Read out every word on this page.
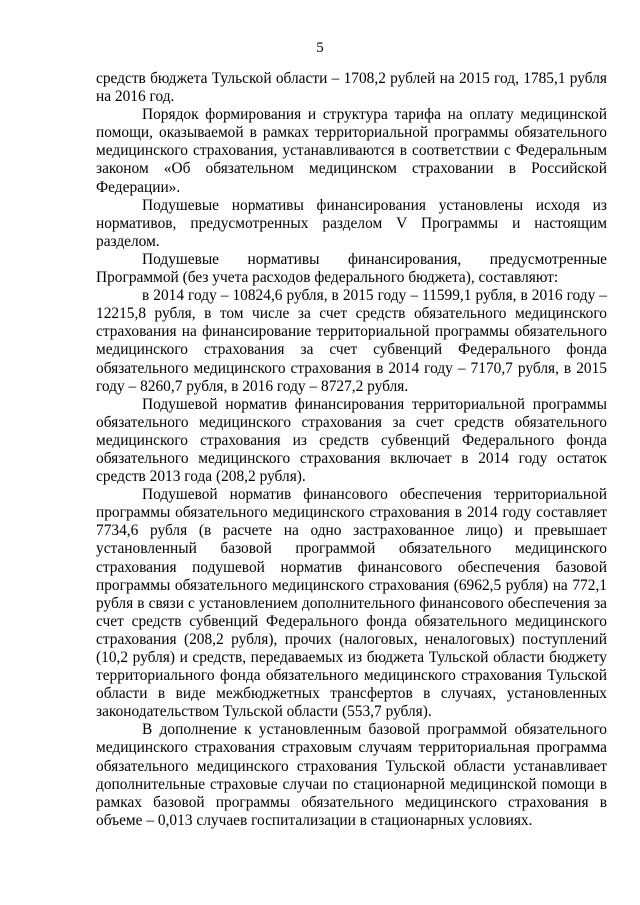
5

средств бюджета Тульской области – 1708,2 рублей на 2015 год, 1785,1 рубля на 2016 год.

Порядок формирования и структура тарифа на оплату медицинской помощи, оказываемой в рамках территориальной программы обязательного медицинского страхования, устанавливаются в соответствии с Федеральным законом «Об обязательном медицинском страховании в Российской Федерации».

Подушевые нормативы финансирования установлены исходя из нормативов, предусмотренных разделом V Программы и настоящим разделом.

Подушевые нормативы финансирования, предусмотренные Программой (без учета расходов федерального бюджета), составляют:

в 2014 году – 10824,6 рубля, в 2015 году – 11599,1 рубля, в 2016 году – 12215,8 рубля, в том числе за счет средств обязательного медицинского страхования на финансирование территориальной программы обязательного медицинского страхования за счет субвенций Федерального фонда обязательного медицинского страхования в 2014 году – 7170,7 рубля, в 2015 году – 8260,7 рубля, в 2016 году – 8727,2 рубля.

Подушевой норматив финансирования территориальной программы обязательного медицинского страхования за счет средств обязательного медицинского страхования из средств субвенций Федерального фонда обязательного медицинского страхования включает в 2014 году остаток средств 2013 года (208,2 рубля).

Подушевой норматив финансового обеспечения территориальной программы обязательного медицинского страхования в 2014 году составляет 7734,6 рубля (в расчете на одно застрахованное лицо) и превышает установленный базовой программой обязательного медицинского страхования подушевой норматив финансового обеспечения базовой программы обязательного медицинского страхования (6962,5 рубля) на 772,1 рубля в связи с установлением дополнительного финансового обеспечения за счет средств субвенций Федерального фонда обязательного медицинского страхования (208,2 рубля), прочих (налоговых, неналоговых) поступлений (10,2 рубля) и средств, передаваемых из бюджета Тульской области бюджету территориального фонда обязательного медицинского страхования Тульской области в виде межбюджетных трансфертов в случаях, установленных законодательством Тульской области (553,7 рубля).

В дополнение к установленным базовой программой обязательного медицинского страхования страховым случаям территориальная программа обязательного медицинского страхования Тульской области устанавливает дополнительные страховые случаи по стационарной медицинской помощи в рамках базовой программы обязательного медицинского страхования в объеме – 0,013 случаев госпитализации в стационарных условиях.
